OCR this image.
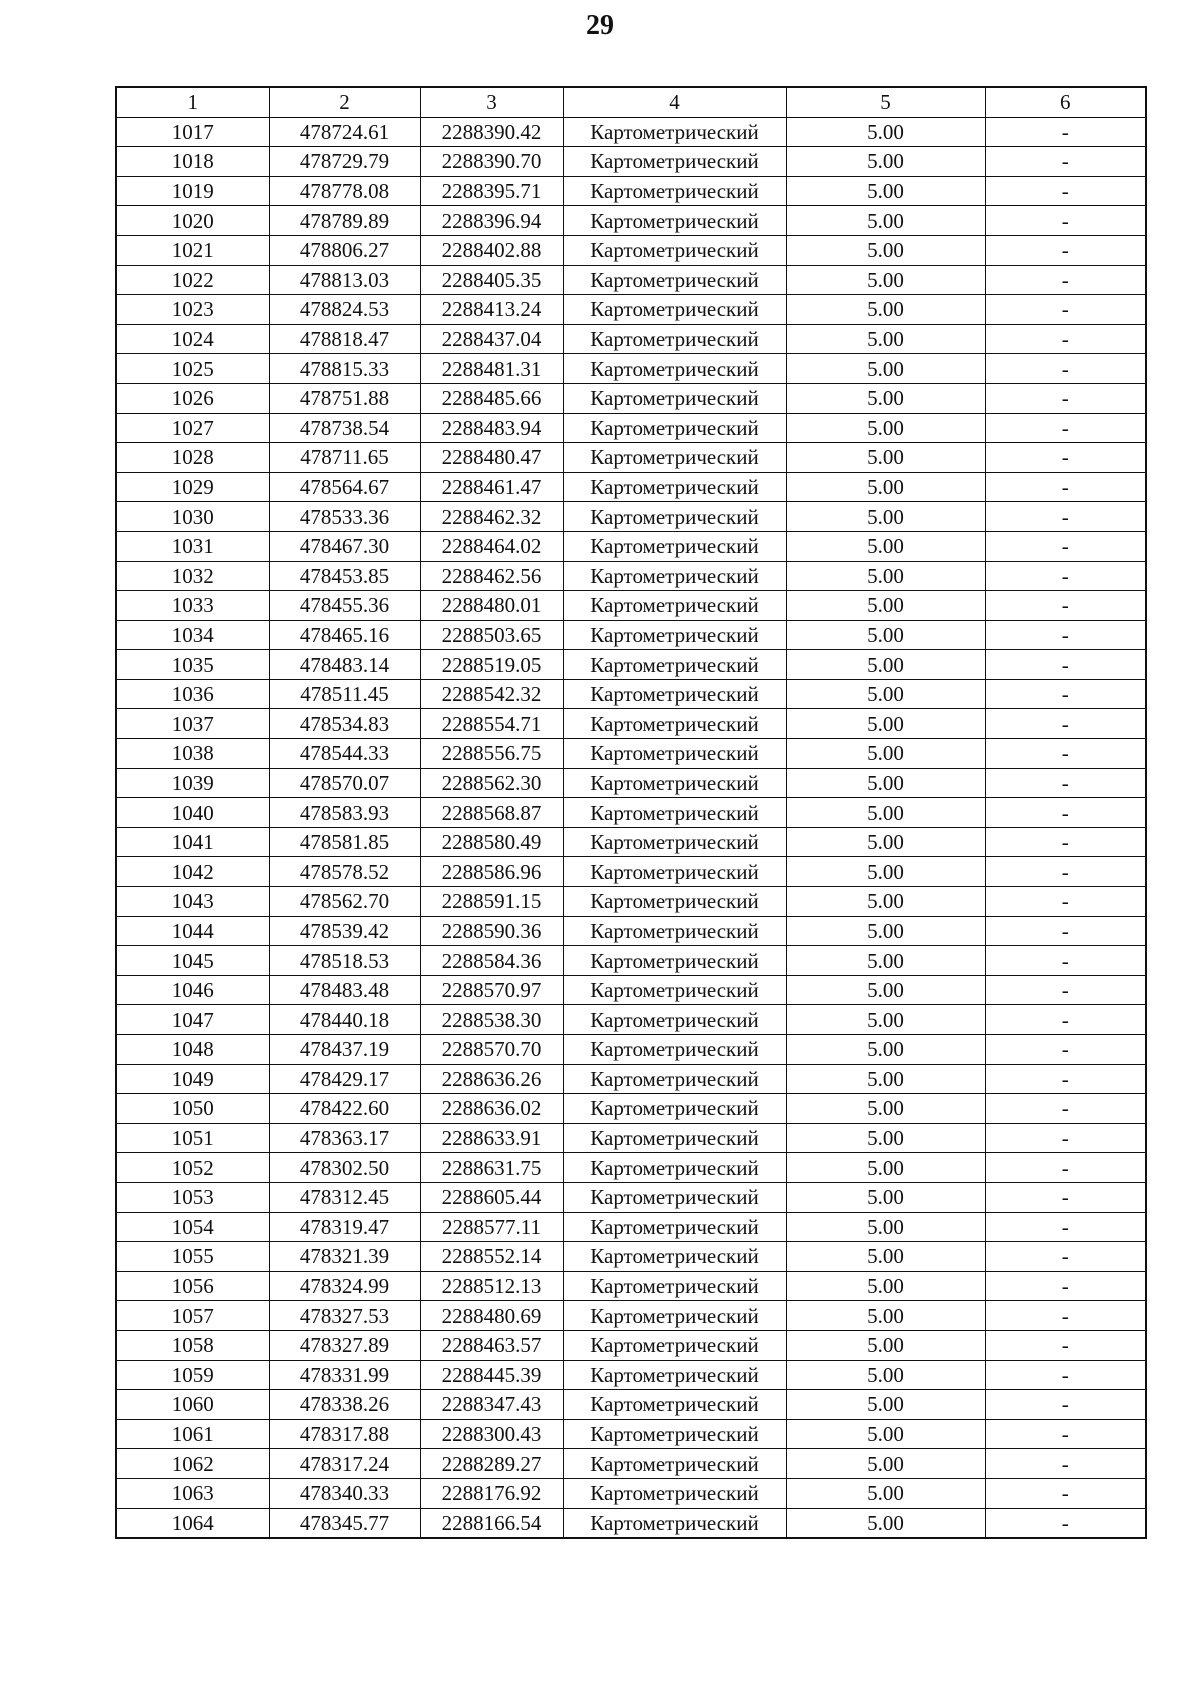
29
1	2	3	4	5	6
1017	478724.61	2288390.42	Картометрический	5.00	-
1018	478729.79	2288390.70	Картометрический	5.00	-
1019	478778.08	2288395.71	Картометрический	5.00	-
1020	478789.89	2288396.94	Картометрический	5.00	-
1021	478806.27	2288402.88	Картометрический	5.00	-
1022	478813.03	2288405.35	Картометрический	5.00	-
1023	478824.53	2288413.24	Картометрический	5.00	-
1024	478818.47	2288437.04	Картометрический	5.00	-
1025	478815.33	2288481.31	Картометрический	5.00	-
1026	478751.88	2288485.66	Картометрический	5.00	-
1027	478738.54	2288483.94	Картометрический	5.00	-
1028	478711.65	2288480.47	Картометрический	5.00	-
1029	478564.67	2288461.47	Картометрический	5.00	-
1030	478533.36	2288462.32	Картометрический	5.00	-
1031	478467.30	2288464.02	Картометрический	5.00	-
1032	478453.85	2288462.56	Картометрический	5.00	-
1033	478455.36	2288480.01	Картометрический	5.00	-
1034	478465.16	2288503.65	Картометрический	5.00	-
1035	478483.14	2288519.05	Картометрический	5.00	-
1036	478511.45	2288542.32	Картометрический	5.00	-
1037	478534.83	2288554.71	Картометрический	5.00	-
1038	478544.33	2288556.75	Картометрический	5.00	-
1039	478570.07	2288562.30	Картометрический	5.00	-
1040	478583.93	2288568.87	Картометрический	5.00	-
1041	478581.85	2288580.49	Картометрический	5.00	-
1042	478578.52	2288586.96	Картометрический	5.00	-
1043	478562.70	2288591.15	Картометрический	5.00	-
1044	478539.42	2288590.36	Картометрический	5.00	-
1045	478518.53	2288584.36	Картометрический	5.00	-
1046	478483.48	2288570.97	Картометрический	5.00	-
1047	478440.18	2288538.30	Картометрический	5.00	-
1048	478437.19	2288570.70	Картометрический	5.00	-
1049	478429.17	2288636.26	Картометрический	5.00	-
1050	478422.60	2288636.02	Картометрический	5.00	-
1051	478363.17	2288633.91	Картометрический	5.00	-
1052	478302.50	2288631.75	Картометрический	5.00	-
1053	478312.45	2288605.44	Картометрический	5.00	-
1054	478319.47	2288577.11	Картометрический	5.00	-
1055	478321.39	2288552.14	Картометрический	5.00	-
1056	478324.99	2288512.13	Картометрический	5.00	-
1057	478327.53	2288480.69	Картометрический	5.00	-
1058	478327.89	2288463.57	Картометрический	5.00	-
1059	478331.99	2288445.39	Картометрический	5.00	-
1060	478338.26	2288347.43	Картометрический	5.00	-
1061	478317.88	2288300.43	Картометрический	5.00	-
1062	478317.24	2288289.27	Картометрический	5.00	-
1063	478340.33	2288176.92	Картометрический	5.00	-
1064	478345.77	2288166.54	Картометрический	5.00	-
